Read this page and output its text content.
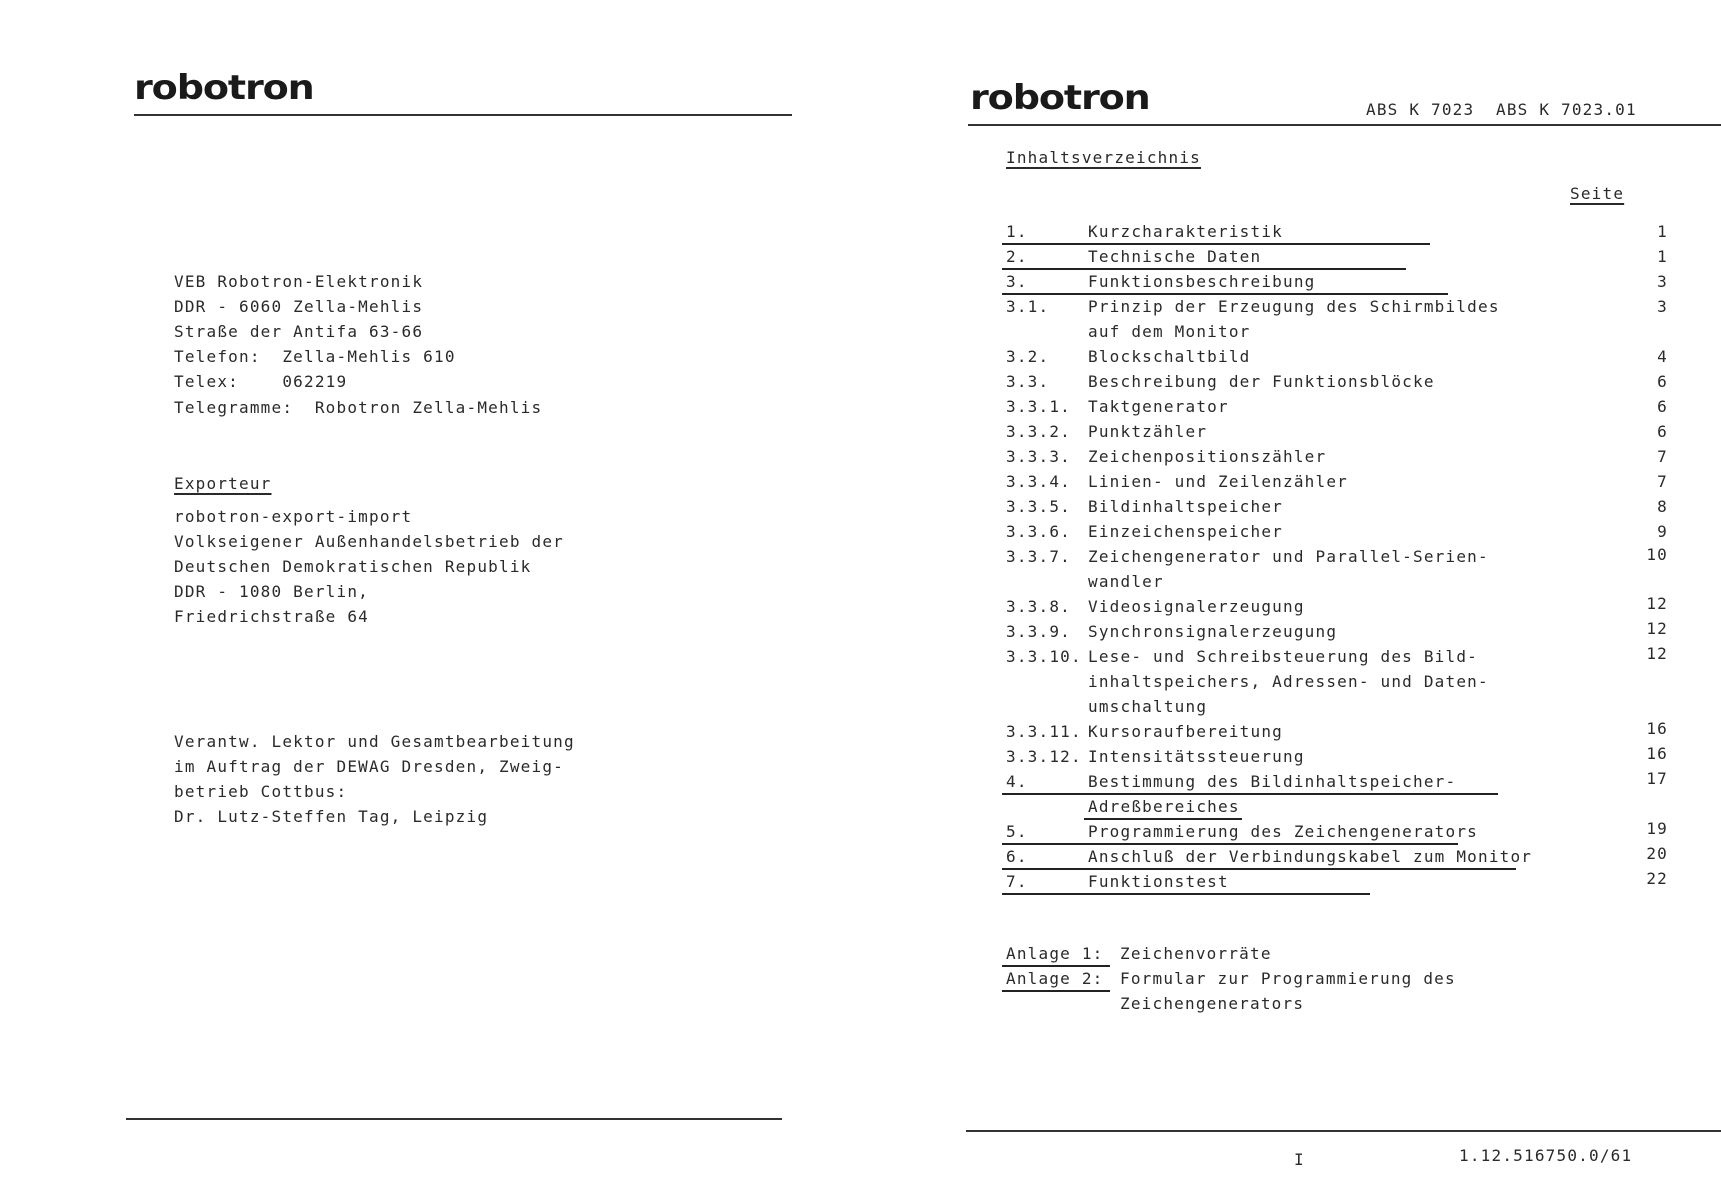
robotron
VEB Robotron-Elektronik
DDR - 6060 Zella-Mehlis
Straße der Antifa 63-66
Telefon:  Zella-Mehlis 610
Telex:    062219
Telegramme:  Robotron Zella-Mehlis
Exporteur
robotron-export-import
Volkseigener Außenhandelsbetrieb der
Deutschen Demokratischen Republik
DDR - 1080 Berlin,
Friedrichstraße 64
Verantw. Lektor und Gesamtbearbeitung
im Auftrag der DEWAG Dresden, Zweig-
betrieb Cottbus:
Dr. Lutz-Steffen Tag, Leipzig
robotron	ABS K 7023  ABS K 7023.01
Inhaltsverzeichnis
Seite
1.	Kurzcharakteristik	1
2.	Technische Daten	1
3.	Funktionsbeschreibung	3
3.1. Prinzip der Erzeugung des Schirmbildes	3
auf dem Monitor
3.2. Blockschaltbild	4
3.3. Beschreibung der Funktionsblöcke	6
3.3.1. Taktgenerator	6
3.3.2. Punktzähler	6
3.3.3. Zeichenpositionszähler	7
3.3.4. Linien- und Zeilenzähler	7
3.3.5. Bildinhaltspeicher	8
3.3.6. Einzeichenspeicher	9
3.3.7. Zeichengenerator und Parallel-Serien-	10
wandler
3.3.8. Videosignalerzeugung	12
3.3.9. Synchronsignalerzeugung	12
3.3.10. Lese- und Schreibsteuerung des Bild-	12
inhaltspeichers, Adressen- und Daten-
umschaltung
3.3.11. Kursoraufbereitung	16
3.3.12. Intensitätssteuerung	16
4.	Bestimmung des Bildinhaltspeicher-	17
Adreßbereiches
5.	Programmierung des Zeichengenerators	19
6.	Anschluß der Verbindungskabel zum Monitor	20
7.	Funktionstest	22
Anlage 1: Zeichenvorräte
Anlage 2: Formular zur Programmierung des
Zeichengenerators
I	1.12.516750.0/61
